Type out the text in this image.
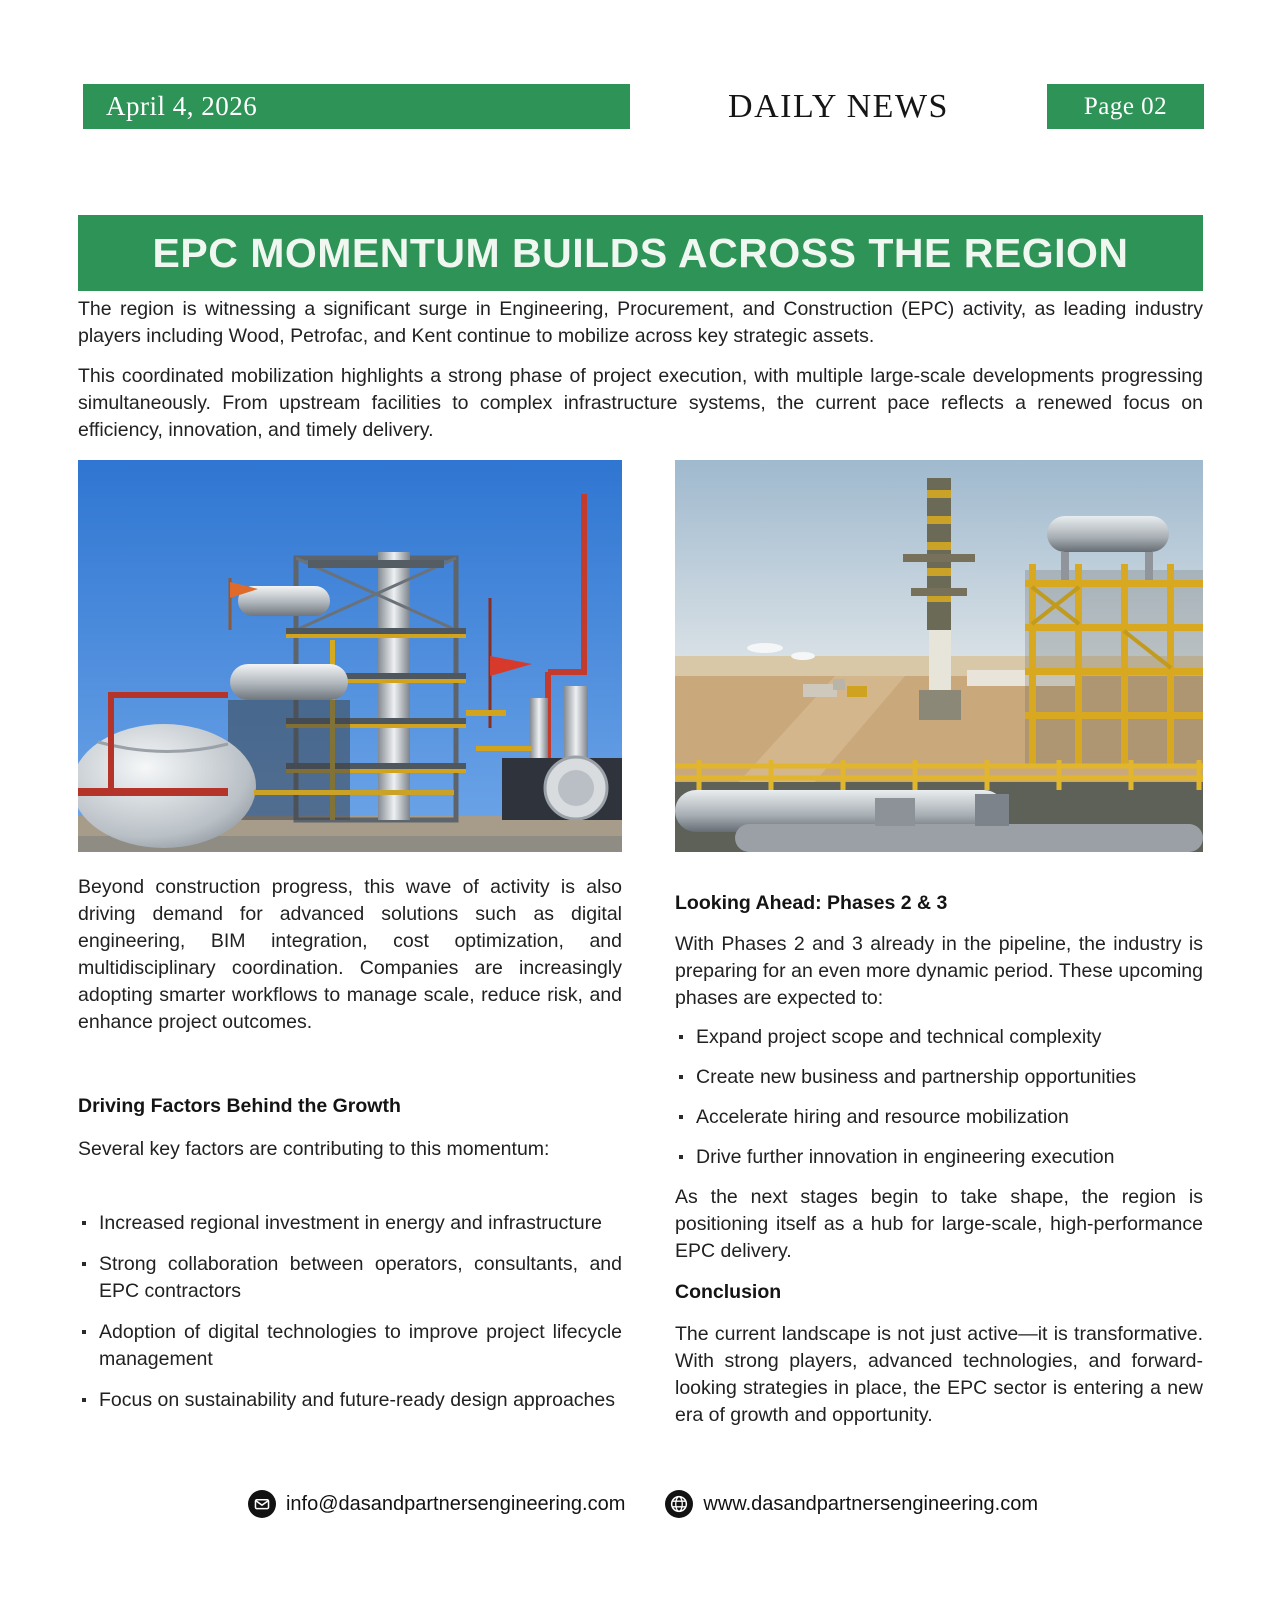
April 4, 2026	DAILY NEWS	Page 02
EPC MOMENTUM BUILDS ACROSS THE REGION

The region is witnessing a significant surge in Engineering, Procurement, and Construction (EPC) activity, as leading industry players including Wood, Petrofac, and Kent continue to mobilize across key strategic assets.

This coordinated mobilization highlights a strong phase of project execution, with multiple large-scale developments progressing simultaneously. From upstream facilities to complex infrastructure systems, the current pace reflects a renewed focus on efficiency, innovation, and timely delivery.

Beyond construction progress, this wave of activity is also driving demand for advanced solutions such as digital engineering, BIM integration, cost optimization, and multidisciplinary coordination. Companies are increasingly adopting smarter workflows to manage scale, reduce risk, and enhance project outcomes.

Driving Factors Behind the Growth

Several key factors are contributing to this momentum:

Increased regional investment in energy and infrastructure
Strong collaboration between operators, consultants, and EPC contractors
Adoption of digital technologies to improve project lifecycle management
Focus on sustainability and future-ready design approaches
Looking Ahead: Phases 2 & 3

With Phases 2 and 3 already in the pipeline, the industry is preparing for an even more dynamic period. These upcoming phases are expected to:

Expand project scope and technical complexity
Create new business and partnership opportunities
Accelerate hiring and resource mobilization
Drive further innovation in engineering execution

As the next stages begin to take shape, the region is positioning itself as a hub for large-scale, high-performance EPC delivery.

Conclusion

The current landscape is not just active—it is transformative. With strong players, advanced technologies, and forward-looking strategies in place, the EPC sector is entering a new era of growth and opportunity.

info@dasandpartnersengineering.com	www.dasandpartnersengineering.com
